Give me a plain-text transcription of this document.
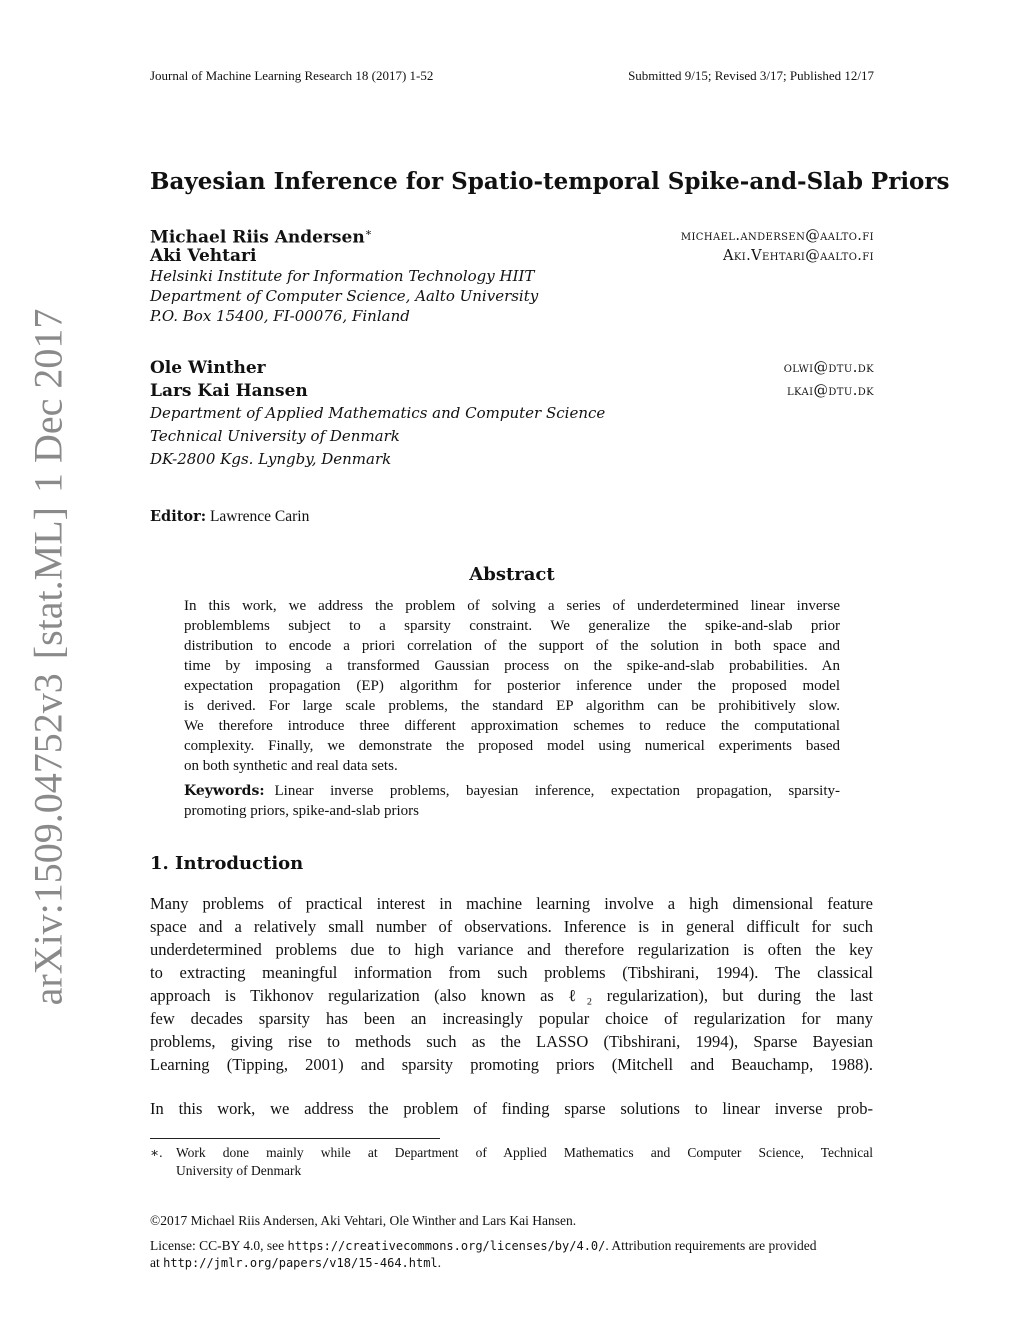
arXiv:1509.04752v3[stat.ML]1 Dec 2017
Journal of Machine Learning Research 18 (2017) 1-52	Submitted 9/15; Revised 3/17; Published 12/17
Bayesian Inference for Spatio-temporal Spike-and-Slab Priors
Michael Riis Andersen∗	michael.andersen@aalto.fi
Aki Vehtari	Aki.Vehtari@aalto.fi
Helsinki Institute for Information Technology HIIT
Department of Computer Science, Aalto University
P.O. Box 15400, FI-00076, Finland
Ole Winther	olwi@dtu.dk
Lars Kai Hansen	lkai@dtu.dk
Department of Applied Mathematics and Computer Science
Technical University of Denmark
DK-2800 Kgs. Lyngby, Denmark
Editor: Lawrence Carin
Abstract
In this work, we address the problem of solving a series of underdetermined linear inverse
problemblems subject to a sparsity constraint. We generalize the spike-and-slab prior
distribution to encode a priori correlation of the support of the solution in both space and
time by imposing a transformed Gaussian process on the spike-and-slab probabilities. An
expectation propagation (EP) algorithm for posterior inference under the proposed model
is derived. For large scale problems, the standard EP algorithm can be prohibitively slow.
We therefore introduce three different approximation schemes to reduce the computational
complexity. Finally, we demonstrate the proposed model using numerical experiments based
on both synthetic and real data sets.
Keywords: Linear inverse problems, bayesian inference, expectation propagation, sparsity-
promoting priors, spike-and-slab priors
1. Introduction
Many problems of practical interest in machine learning involve a high dimensional feature
space and a relatively small number of observations. Inference is in general difficult for such
underdetermined problems due to high variance and therefore regularization is often the key
to extracting meaningful information from such problems (Tibshirani, 1994). The classical
approach is Tikhonov regularization (also known as ℓ₂ regularization), but during the last
few decades sparsity has been an increasingly popular choice of regularization for many
problems, giving rise to methods such as the LASSO (Tibshirani, 1994), Sparse Bayesian
Learning (Tipping, 2001) and sparsity promoting priors (Mitchell and Beauchamp, 1988).
In this work, we address the problem of finding sparse solutions to linear inverse prob-
∗. Work done mainly while at Department of Applied Mathematics and Computer Science, Technical
University of Denmark
©2017 Michael Riis Andersen, Aki Vehtari, Ole Winther and Lars Kai Hansen.
License: CC-BY 4.0, see https://creativecommons.org/licenses/by/4.0/. Attribution requirements are provided
at http://jmlr.org/papers/v18/15-464.html.
